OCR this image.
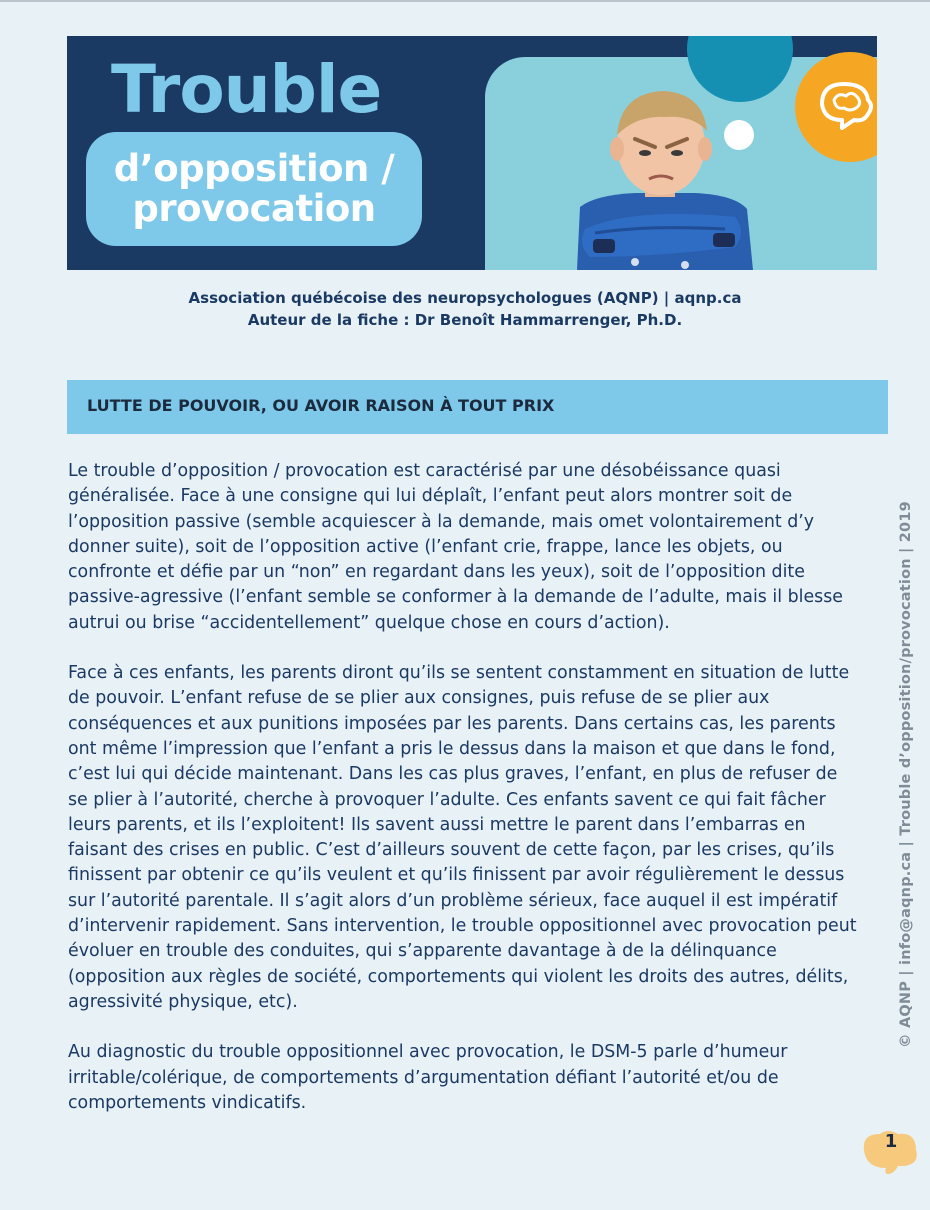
Trouble
d’opposition /
provocation
Association québécoise des neuropsychologues (AQNP) | aqnp.ca
Auteur de la fiche : Dr Benoît Hammarrenger, Ph.D.
LUTTE DE POUVOIR, OU AVOIR RAISON À TOUT PRIX

Le trouble d’opposition / provocation est caractérisé par une désobéissance quasi généralisée. Face à une consigne qui lui déplaît, l’enfant peut alors montrer soit de l’opposition passive (semble acquiescer à la demande, mais omet volontairement d’y donner suite), soit de l’opposition active (l’enfant crie, frappe, lance les objets, ou confronte et défie par un “non” en regardant dans les yeux), soit de l’opposition dite passive-agressive (l’enfant semble se conformer à la demande de l’adulte, mais il blesse autrui ou brise “accidentellement” quelque chose en cours d’action).

Face à ces enfants, les parents diront qu’ils se sentent constamment en situation de lutte de pouvoir. L’enfant refuse de se plier aux consignes, puis refuse de se plier aux conséquences et aux punitions imposées par les parents. Dans certains cas, les parents ont même l’impression que l’enfant a pris le dessus dans la maison et que dans le fond, c’est lui qui décide maintenant. Dans les cas plus graves, l’enfant, en plus de refuser de se plier à l’autorité, cherche à provoquer l’adulte. Ces enfants savent ce qui fait fâcher leurs parents, et ils l’exploitent! Ils savent aussi mettre le parent dans l’embarras en faisant des crises en public. C’est d’ailleurs souvent de cette façon, par les crises, qu’ils finissent par obtenir ce qu’ils veulent et qu’ils finissent par avoir régulièrement le dessus sur l’autorité parentale. Il s’agit alors d’un problème sérieux, face auquel il est impératif d’intervenir rapidement. Sans intervention, le trouble oppositionnel avec provocation peut évoluer en trouble des conduites, qui s’apparente davantage à de la délinquance (opposition aux règles de société, comportements qui violent les droits des autres, délits, agressivité physique, etc).

Au diagnostic du trouble oppositionnel avec provocation, le DSM-5 parle d’humeur irritable/colérique, de comportements d’argumentation défiant l’autorité et/ou de comportements vindicatifs.

© AQNP | info@aqnp.ca | Trouble d’opposition/provocation | 2019
1
